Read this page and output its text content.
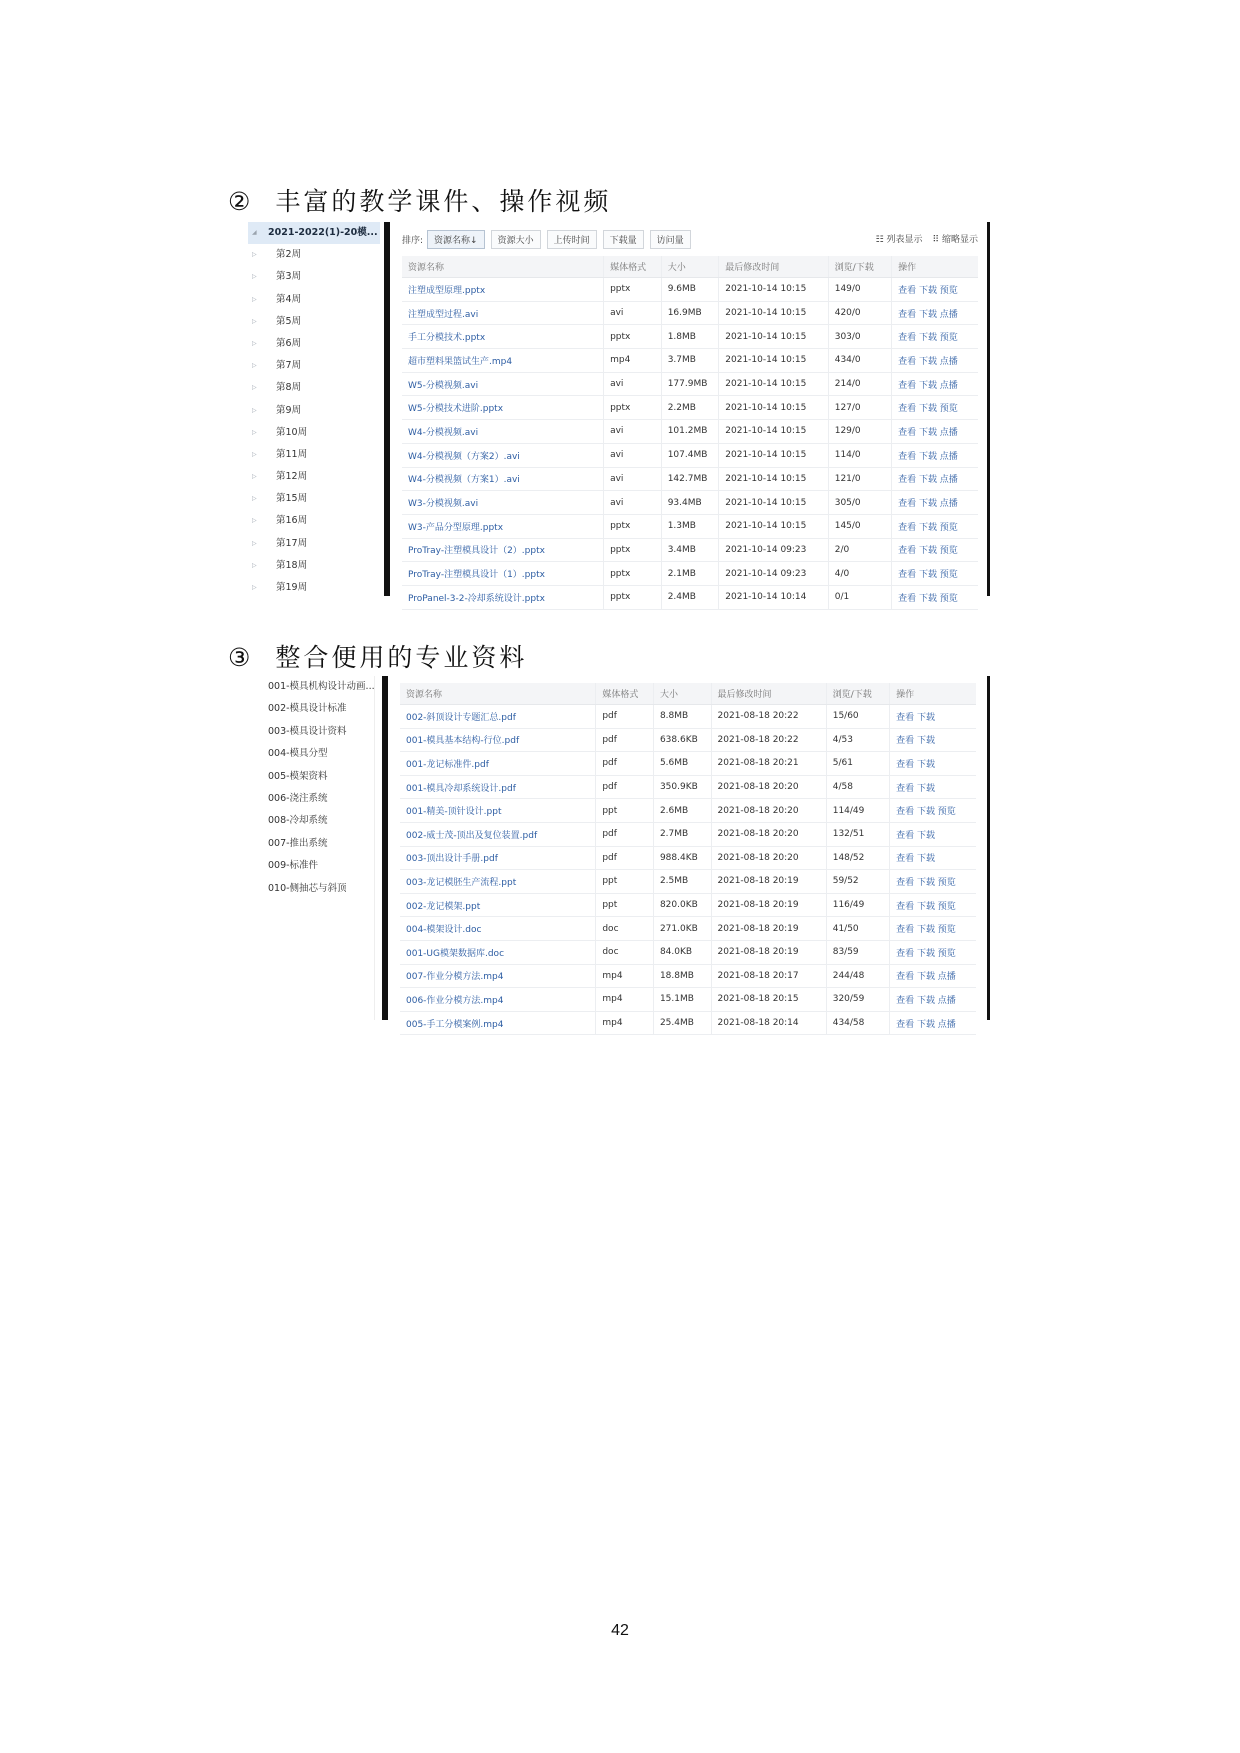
② 丰富的教学课件、操作视频
◢ 2021-2022(1)-20模...
▷ 第2周
▷ 第3周
▷ 第4周
▷ 第5周
▷ 第6周
▷ 第7周
▷ 第8周
▷ 第9周
▷ 第10周
▷ 第11周
▷ 第12周
▷ 第15周
▷ 第16周
▷ 第17周
▷ 第18周
▷ 第19周
排序:	资源名称↓	资源大小	上传时间	下载量	访问量	☷ 列表显示 ⠿ 缩略显示
资源名称	媒体格式	大小	最后修改时间	浏览/下载	操作
注塑成型原理.pptx	pptx	9.6MB	2021-10-14 10:15	149/0	查看 下载 预览
注塑成型过程.avi	avi	16.9MB	2021-10-14 10:15	420/0	查看 下载 点播
手工分模技术.pptx	pptx	1.8MB	2021-10-14 10:15	303/0	查看 下载 预览
超市塑料果篮试生产.mp4	mp4	3.7MB	2021-10-14 10:15	434/0	查看 下载 点播
W5-分模视频.avi	avi	177.9MB	2021-10-14 10:15	214/0	查看 下载 点播
W5-分模技术进阶.pptx	pptx	2.2MB	2021-10-14 10:15	127/0	查看 下载 预览
W4-分模视频.avi	avi	101.2MB	2021-10-14 10:15	129/0	查看 下载 点播
W4-分模视频（方案2）.avi	avi	107.4MB	2021-10-14 10:15	114/0	查看 下载 点播
W4-分模视频（方案1）.avi	avi	142.7MB	2021-10-14 10:15	121/0	查看 下载 点播
W3-分模视频.avi	avi	93.4MB	2021-10-14 10:15	305/0	查看 下载 点播
W3-产品分型原理.pptx	pptx	1.3MB	2021-10-14 10:15	145/0	查看 下载 预览
ProTray-注塑模具设计（2）.pptx	pptx	3.4MB	2021-10-14 09:23	2/0	查看 下载 预览
ProTray-注塑模具设计（1）.pptx	pptx	2.1MB	2021-10-14 09:23	4/0	查看 下载 预览
ProPanel-3-2-冷却系统设计.pptx	pptx	2.4MB	2021-10-14 10:14	0/1	查看 下载 预览
③ 整合便用的专业资料
001-模具机构设计动画...
002-模具设计标准
003-模具设计资料
004-模具分型
005-模架资料
006-浇注系统
008-冷却系统
007-推出系统
009-标准件
010-侧抽芯与斜顶
资源名称	媒体格式	大小	最后修改时间	浏览/下载	操作
002-斜顶设计专题汇总.pdf	pdf	8.8MB	2021-08-18 20:22	15/60	查看 下载
001-模具基本结构-行位.pdf	pdf	638.6KB	2021-08-18 20:22	4/53	查看 下载
001-龙记标准件.pdf	pdf	5.6MB	2021-08-18 20:21	5/61	查看 下载
001-模具冷却系统设计.pdf	pdf	350.9KB	2021-08-18 20:20	4/58	查看 下载
001-精美-顶针设计.ppt	ppt	2.6MB	2021-08-18 20:20	114/49	查看 下载 预览
002-威士茂-顶出及复位装置.pdf	pdf	2.7MB	2021-08-18 20:20	132/51	查看 下载
003-顶出设计手册.pdf	pdf	988.4KB	2021-08-18 20:20	148/52	查看 下载
003-龙记模胚生产流程.ppt	ppt	2.5MB	2021-08-18 20:19	59/52	查看 下载 预览
002-龙记模架.ppt	ppt	820.0KB	2021-08-18 20:19	116/49	查看 下载 预览
004-模架设计.doc	doc	271.0KB	2021-08-18 20:19	41/50	查看 下载 预览
001-UG模架数据库.doc	doc	84.0KB	2021-08-18 20:19	83/59	查看 下载 预览
007-作业分模方法.mp4	mp4	18.8MB	2021-08-18 20:17	244/48	查看 下载 点播
006-作业分模方法.mp4	mp4	15.1MB	2021-08-18 20:15	320/59	查看 下载 点播
005-手工分模案例.mp4	mp4	25.4MB	2021-08-18 20:14	434/58	查看 下载 点播
42
